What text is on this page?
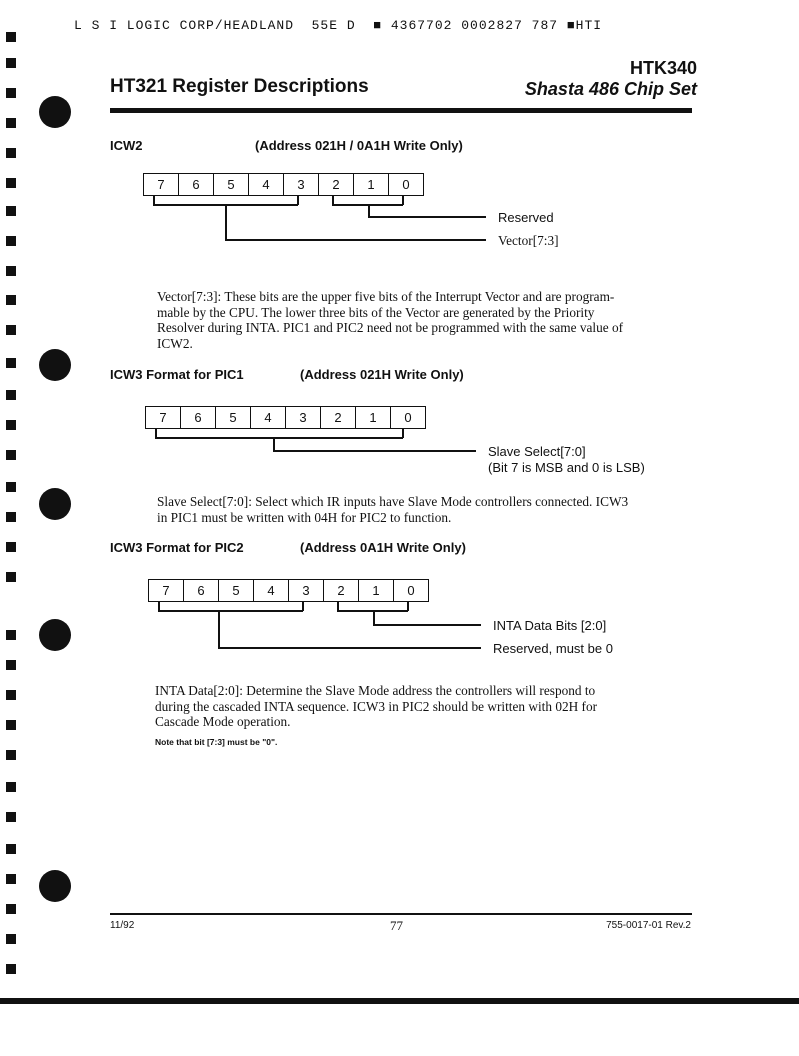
L S I LOGIC CORP/HEADLAND  55E D  ■ 4367702 0002827 787 ■HTI
HTK340
HT321 Register Descriptions	Shasta 486 Chip Set
ICW2	(Address 021H / 0A1H Write Only)
7	6	5	4	3	2	1	0
Reserved
Vector[7:3]
Vector[7:3]: These bits are the upper five bits of the Interrupt Vector and are program-
mable by the CPU. The lower three bits of the Vector are generated by the Priority
Resolver during INTA. PIC1 and PIC2 need not be programmed with the same value of
ICW2.
ICW3 Format for PIC1	(Address 021H Write Only)
7	6	5	4	3	2	1	0
Slave Select[7:0]
(Bit 7 is MSB and 0 is LSB)
Slave Select[7:0]: Select which IR inputs have Slave Mode controllers connected. ICW3
in PIC1 must be written with 04H for PIC2 to function.
ICW3 Format for PIC2	(Address 0A1H Write Only)
7	6	5	4	3	2	1	0
INTA Data Bits [2:0]
Reserved, must be 0
INTA Data[2:0]: Determine the Slave Mode address the controllers will respond to
during the cascaded INTA sequence. ICW3 in PIC2 should be written with 02H for
Cascade Mode operation.
Note that bit [7:3] must be "0".
11/92	77	755-0017-01 Rev.2
